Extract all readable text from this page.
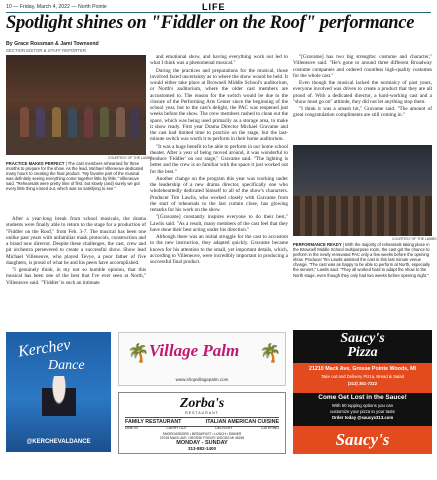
10 — Friday, March 4, 2022 — North Pointe	LIFE
Spotlight shines on "Fiddler on the Roof" performance
By Grace Rossman & Jami Townsend
SECTION EDITOR & STAFF REPORTER
COURTESY OF THE LAMBS
PRACTICE MAKES PERFECT | The cast members rehearsed for three months to prepare for the show. As the lead, Michael Villeneuve dedicated many hours to creating the final product. "My favorite part of the musical was definitely seeing everything come together little by little," Villeneuve said. "Rehearsals were pretty time of first, but slowly (and) surely we got every little thing ironed out, which was so satisfying to see."

After a year-long break from school musicals, the drama students were finally able to return to the stage for a production of "Fiddler on the Roof," from Feb. 3-7. The musical has been one unlike past years with unfamiliar mask protocols, construction and a brand new director. Despite these challenges, the cast, crew and pit orchestra persevered to create a successful show. Show lead Michael Villeneuve, who played Tevye, a poor father of five daughters, is proud of what he and his peers have accomplished.

"I genuinely think, in my not so humble opinion, that this musical has been one of the best that I've ever seen at North," Villeneuve said. "'Fiddler' is such an intimate

and emotional show, and having everything work out led to what I think was a phenomenal musical."

During the practices and preparations for the musical, those involved faced uncertainty as to where the show would be held. It would either take place at Brownell Middle School's auditorium, or North's auditorium, where the older cast members are accustomed to. The reason for the switch would be due to the closure of the Performing Arts Center since the beginning of the school year, but to the cast's delight, the PAC was reopened just weeks before the show. The crew members rushed to clean out the space, which was being used primarily as a storage area, to make it show ready. First year Drama Director Michael Gravame and the cast had limited time to practice on the stage, but the last-minute switch was worth it to perform in their home auditorium.

"It was a huge benefit to be able to perform in our home school theater. After a year of being moved around, it was wonderful to produce 'Fiddler' on our stage," Gravame said. "The lighting is better and the crew is so familiar with the space it just worked out for the best."

Another change on the program this year was working under the leadership of a new drama director, specifically one who wholeheartedly dedicated himself to all of the show's characters. Producer Tim Lawlis, who worked closely with Gravame from the start of rehearsals to the last curtain close, has glowing remarks for his work on the show.

"[Gravame] constantly inspires everyone to do their best," Lawlis said. "As a result, many members of the cast feel that they have done their best acting under his direction."

Although there was an initial struggle for the cast to accustom to the new instruction, they adapted quickly. Gravame became known for his attention to the small, yet important details, which, according to Villeneuve, were incredibly important in producing a successful final product.

"[Gravame] has two big strengths: costume and character," Villeneuve said. "He's gone to around three different Broadway costume companies and ordered countless high-quality costumes for the whole cast."

Even though the musical lacked the normalcy of past years, everyone involved was driven to create a product that they are all proud of. With a dedicated director, a hard-working cast and a "show must go on" attitude, they did not let anything stop them.

"I think it was a smash hit," Gravame said. "The amount of great congratulation compliments are still coming in."

COURTESY OF THE LAMBS
PERFORMANCE READY | With the majority of rehearsals taking place in the Brownell Middle School multipurpose room, the cast got the chance to perform in the newly renovated PAC only a few weeks before the opening show. Producer Tim Lawlis assisted the cast in this last minute venue change. "The cast was as happy to be able to perform at North, especially the seniors," Lawlis said. "They all worked hard to adapt the show to the North stage, even though they only had two weeks before opening night."
Kerchev
Dance
@KERCHEVALDANCE
🌴	🌴
Village Palm
www.shopvillagepalm.com
Zorba's
RESTAURANT
FAMILY RESTAURANT	ITALIAN AMERICAN CUISINE
DINE IN	CARRY OUT	DELIVERY	CATERING
SMORGASBORD • BREAKFAST • LUNCH • DINNER
20745 MACK AVE, GROSSE POINTE WOODS MI 48236
MONDAY - SUNDAY
313-882-1400
Saucy's
Pizza
21210 Mack Ave, Grosse Pointe Woods, MI
Take out and Delivery Pizza, Bread & Salad
(313) 351-7222
Come Get Lost in the Sauce!
With 50 topping options you can
customize your pizza to your taste
Order today @saucys313.com
Saucy's
